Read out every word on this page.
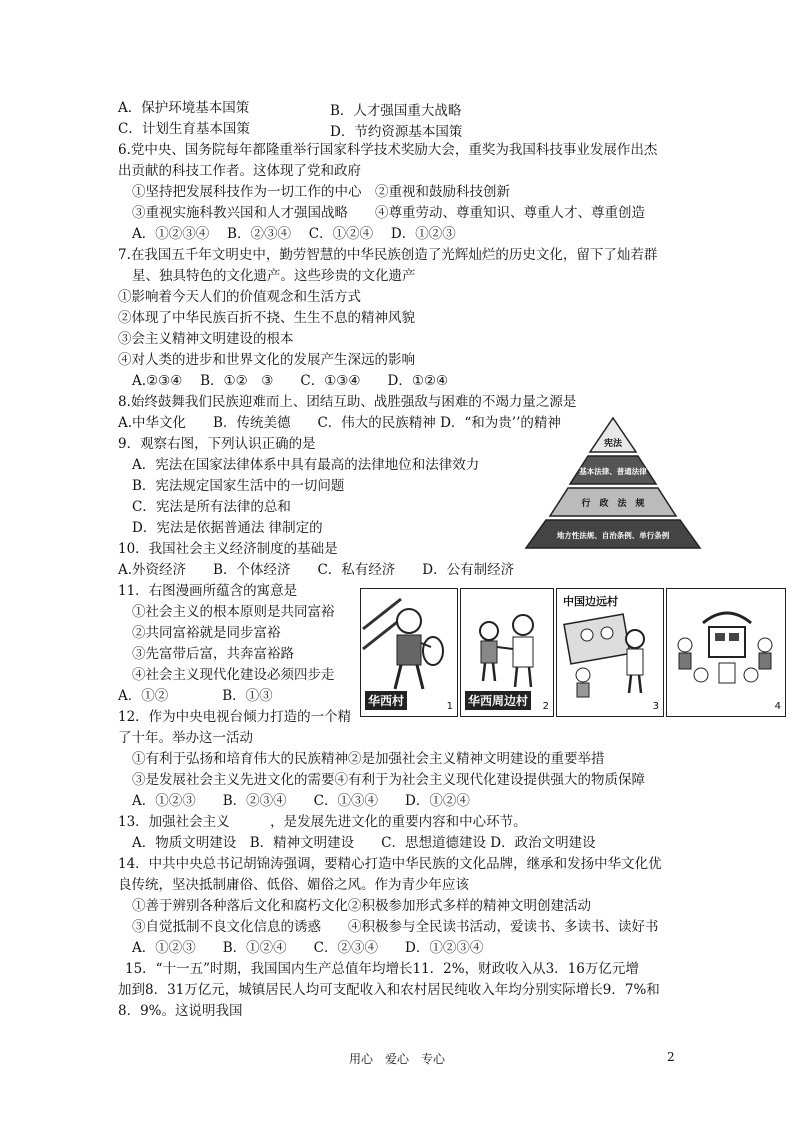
A．保护环境基本国策	B．人才强国重大战略
C．计划生育基本国策	D．节约资源基本国策
6.党中央、国务院每年都隆重举行国家科学技术奖励大会，重奖为我国科技事业发展作出杰
出贡献的科技工作者。这体现了党和政府
①坚持把发展科技作为一切工作的中心　②重视和鼓励科技创新
③重视实施科教兴国和人才强国战略　　④尊重劳动、尊重知识、尊重人才、尊重创造
A．①②③④　 B．②③④　 C．①②④　 D．①②③
7.在我国五千年文明史中，勤劳智慧的中华民族创造了光辉灿烂的历史文化，留下了灿若群
星、独具特色的文化遗产。这些珍贵的文化遗产
①影响着今天人们的价值观念和生活方式
②体现了中华民族百折不挠、生生不息的精神风貌
③会主义精神文明建设的根本
④对人类的进步和世界文化的发展产生深远的影响
A.②③④　 B．①②　③　　C．①③④　　D．①②④
8.始终鼓舞我们民族迎难而上、团结互助、战胜强敌与困难的不竭力量之源是
A.中华文化　　B．传统美德　　C．伟大的民族精神 D．“和为贵’’的精神
9．观察右图，下列认识正确的是
A．宪法在国家法律体系中具有最高的法律地位和法律效力
B．宪法规定国家生活中的一切问题
C．宪法是所有法律的总和
D．宪法是依据普通法 律制定的
10．我国社会主义经济制度的基础是
A.外资经济　　B．个体经济　　C．私有经济　　D．公有制经济
11．右图漫画所蕴含的寓意是
①社会主义的根本原则是共同富裕
②共同富裕就是同步富裕
③先富带后富，共奔富裕路
④社会主义现代化建设必须四步走
A．①②　　　　B．①③
12．作为中央电视台倾力打造的一个精
了十年。举办这一活动
①有利于弘扬和培育伟大的民族精神②是加强社会主义精神文明建设的重要举措
③是发展社会主义先进文化的需要④有利于为社会主义现代化建设提供强大的物质保障
A．①②③　　B．②③④　　C．①③④　　D．①②④
13．加强社会主义　　　，是发展先进文化的重要内容和中心环节。
A．物质文明建设　B．精神文明建设　　C．思想道德建设 D．政治文明建设
14．中共中央总书记胡锦涛强调，要精心打造中华民族的文化品牌，继承和发扬中华文化优
良传统，坚决抵制庸俗、低俗、媚俗之风。作为青少年应该
①善于辨别各种落后文化和腐朽文化②积极参加形式多样的精神文明创建活动
③自觉抵制不良文化信息的诱惑　　④积极参与全民读书活动，爱读书、多读书、读好书
A．①②③　　B．①②④　　C．②③④　　D．①②③④
15．“十一五”时期，我国国内生产总值年均增长11．2%，财政收入从3．16万亿元增
加到8．31万亿元，城镇居民人均可支配收入和农村居民纯收入年均分别实际增长9．7%和
8．9%。这说明我国
宪法
基本法律、普通法律
行　政　法　规
地方性法规、自治条例、单行条例
华西村	1 华西周边村	2
中国边远村
3	4
用心　爱心　专心	2
